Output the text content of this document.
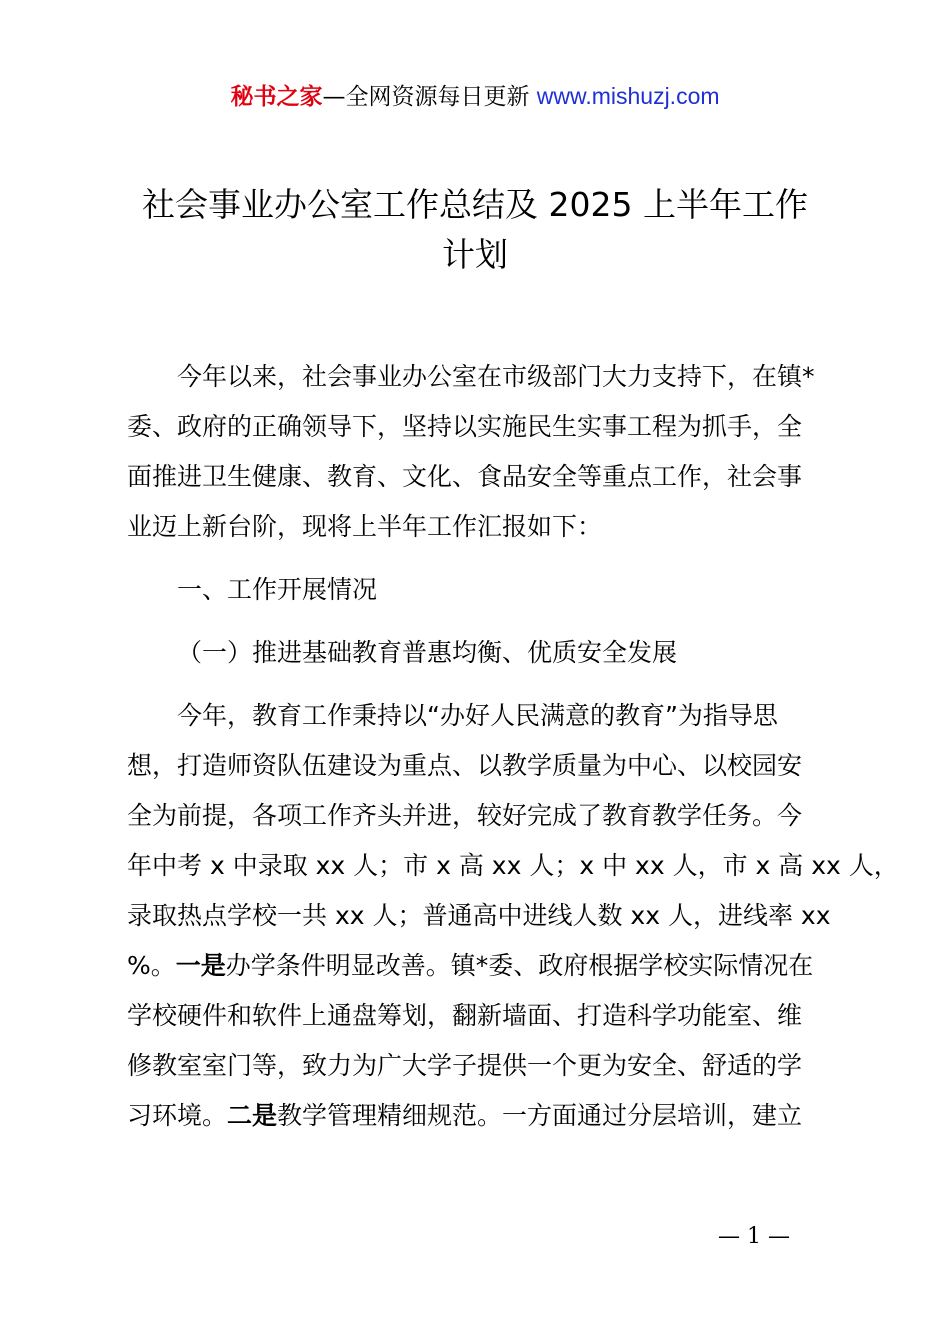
秘书之家—全网资源每日更新 www.mishuzj.com
社会事业办公室工作总结及 2025 上半年工作
计划
今年以来，社会事业办公室在市级部门大力支持下，在镇*
委、政府的正确领导下，坚持以实施民生实事工程为抓手，全
面推进卫生健康、教育、文化、食品安全等重点工作，社会事
业迈上新台阶，现将上半年工作汇报如下：
一、工作开展情况
（一）推进基础教育普惠均衡、优质安全发展
今年，教育工作秉持以“办好人民满意的教育”为指导思
想，打造师资队伍建设为重点、以教学质量为中心、以校园安
全为前提，各项工作齐头并进，较好完成了教育教学任务。今
年中考 x 中录取 xx 人；市 x 高 xx 人；x 中 xx 人，市 x 高 xx 人，
录取热点学校一共 xx 人；普通高中进线人数 xx 人，进线率 xx
%。一是办学条件明显改善。镇*委、政府根据学校实际情况在
学校硬件和软件上通盘筹划，翻新墙面、打造科学功能室、维
修教室室门等，致力为广大学子提供一个更为安全、舒适的学
习环境。二是教学管理精细规范。一方面通过分层培训，建立
— 1 —
